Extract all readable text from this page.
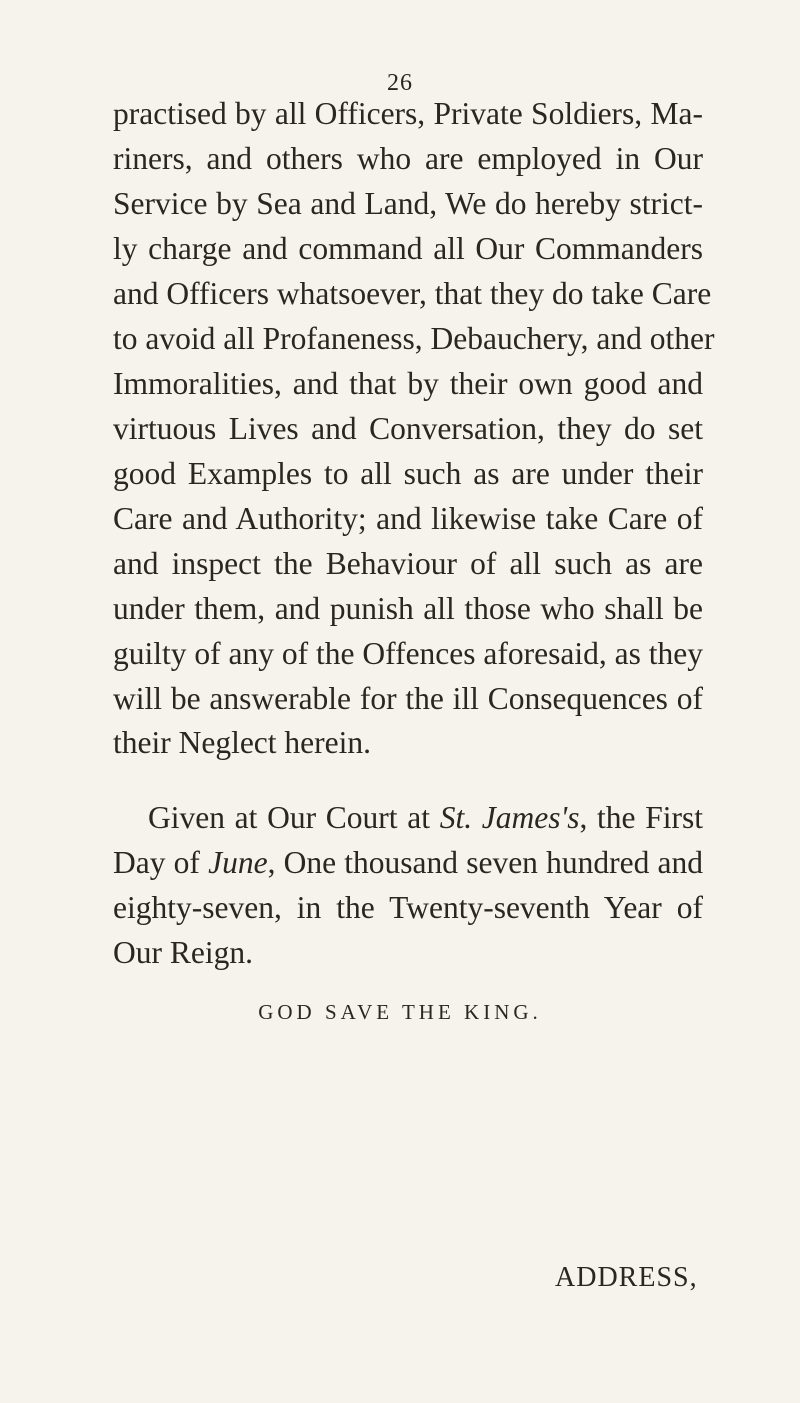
26
practised by all Officers, Private Soldiers, Ma-
riners, and others who are employed in Our
Service by Sea and Land, We do hereby strict-
ly charge and command all Our Commanders
and Officers whatsoever, that they do take Care
to avoid all Profaneness, Debauchery, and other
Immoralities, and that by their own good and
virtuous Lives and Conversation, they do set
good Examples to all such as are under their
Care and Authority; and likewise take Care of
and inspect the Behaviour of all such as are
under them, and punish all those who shall be
guilty of any of the Offences aforesaid, as they
will be answerable for the ill Consequences of
their Neglect herein.
Given at Our Court at St. James's, the First
Day of June, One thousand seven hundred and
eighty-seven, in the Twenty-seventh Year of
Our Reign.
GOD SAVE THE KING.
ADDRESS,
